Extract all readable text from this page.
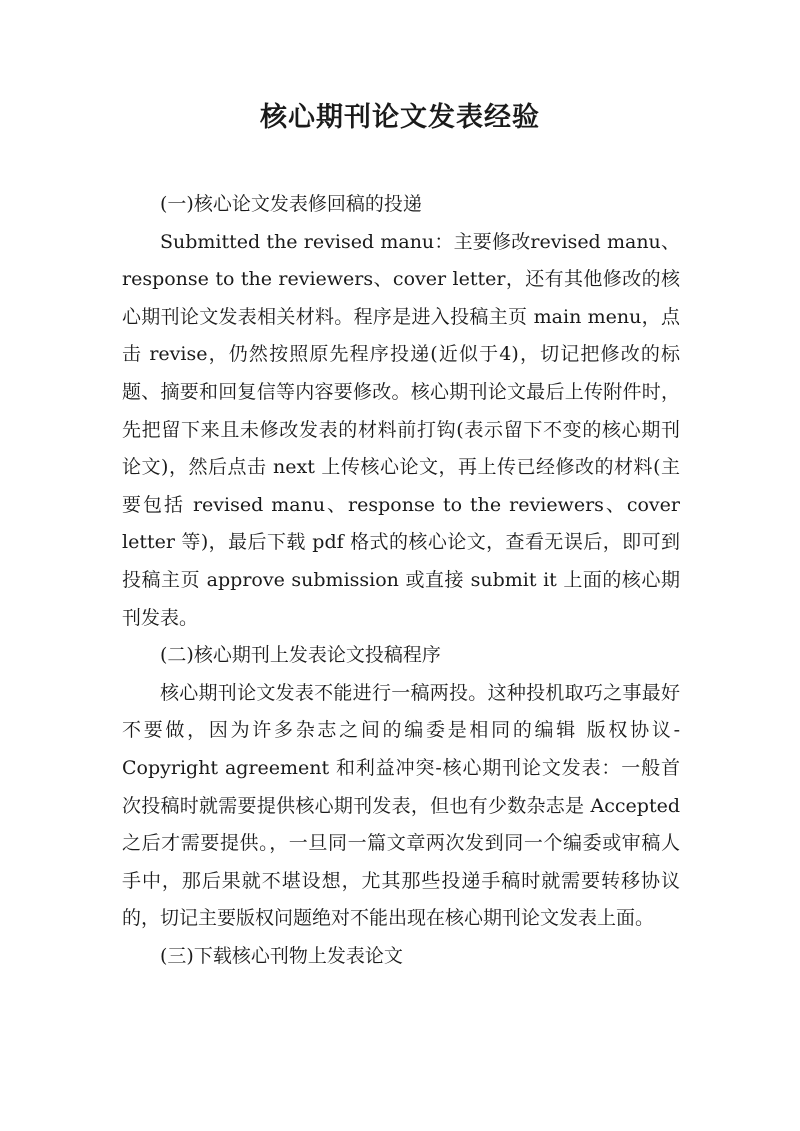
核心期刊论文发表经验

(一)核心论文发表修回稿的投递

Submitted the revised manu：主要修改revised manu、response to the reviewers、cover letter，还有其他修改的核心期刊论文发表相关材料。程序是进入投稿主页 main menu，点击 revise，仍然按照原先程序投递(近似于4)，切记把修改的标题、摘要和回复信等内容要修改。核心期刊论文最后上传附件时，先把留下来且未修改发表的材料前打钩(表示留下不变的核心期刊论文)，然后点击 next 上传核心论文，再上传已经修改的材料(主要包括 revised manu、response to the reviewers、cover letter 等)，最后下载 pdf 格式的核心论文，查看无误后，即可到投稿主页 approve submission 或直接 submit it 上面的核心期刊发表。

(二)核心期刊上发表论文投稿程序

核心期刊论文发表不能进行一稿两投。这种投机取巧之事最好不要做，因为许多杂志之间的编委是相同的编辑 版权协议-Copyright agreement 和利益冲突-核心期刊论文发表：一般首次投稿时就需要提供核心期刊发表，但也有少数杂志是 Accepted 之后才需要提供。，一旦同一篇文章两次发到同一个编委或审稿人手中，那后果就不堪设想，尤其那些投递手稿时就需要转移协议的，切记主要版权问题绝对不能出现在核心期刊论文发表上面。

(三)下载核心刊物上发表论文
